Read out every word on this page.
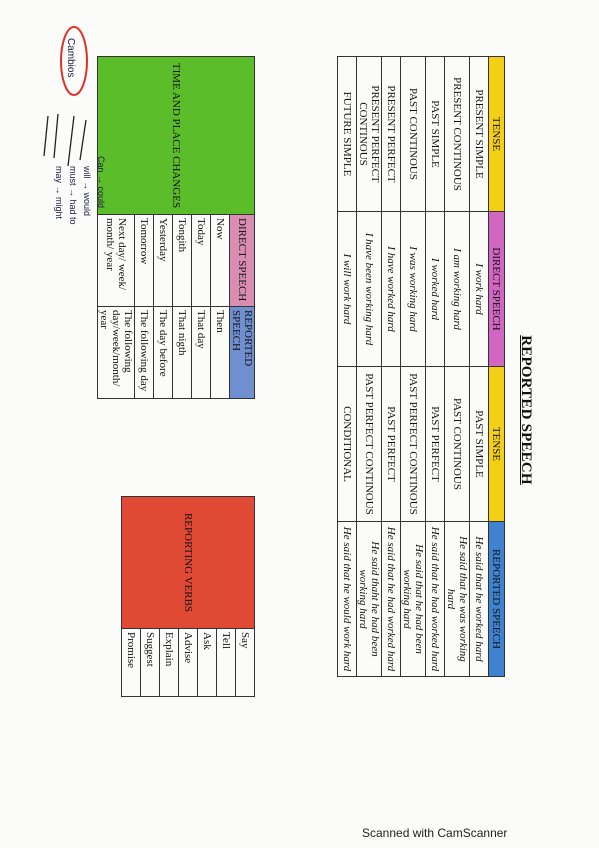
REPORTED SPEECH
TENSE	DIRECT SPEECH	TENSE	REPORTED SPEECH
PRESENT SIMPLE	I work hard	PAST SIMPLE	He said that he worked hard
PRESENT CONTINOUS	I am working hard	PAST CONTINOUS	He said that he was working hard
PAST SIMPLE	I worked hard	PAST PERFECT	He said that he had worked hard
PAST CONTINOUS	I was working hard	PAST PERFECT CONTINOUS	He said that he had been working hard
PRESENT PERFECT	I have worked hard	PAST PERFECT	He said that he had worked hard
PRESENT PERFECT CONTINOUS	I have been working hard	PAST PERFECT CONTINOUS	He said thaht he had been working hard
FUTURE SIMPLE	I will work hard	CONDITIONAL	He said that he would work hard
TIME AND PLACE CHANGES	DIRECT SPEECH	REPORTED SPEECH
	Now	Then
	Today	That day
	Tongith	That nigth
	Yesterday	The day before
	Tomorrow	The following day
	Next day/ week/ month/ year	The following day/week/month/ year
REPORTING VERBS	Say
Tell
Ask
Advise
Explain
Suggest
Promise
Cambios
Can → could
will → would
must → had to
may → might
Scanned with CamScanner
